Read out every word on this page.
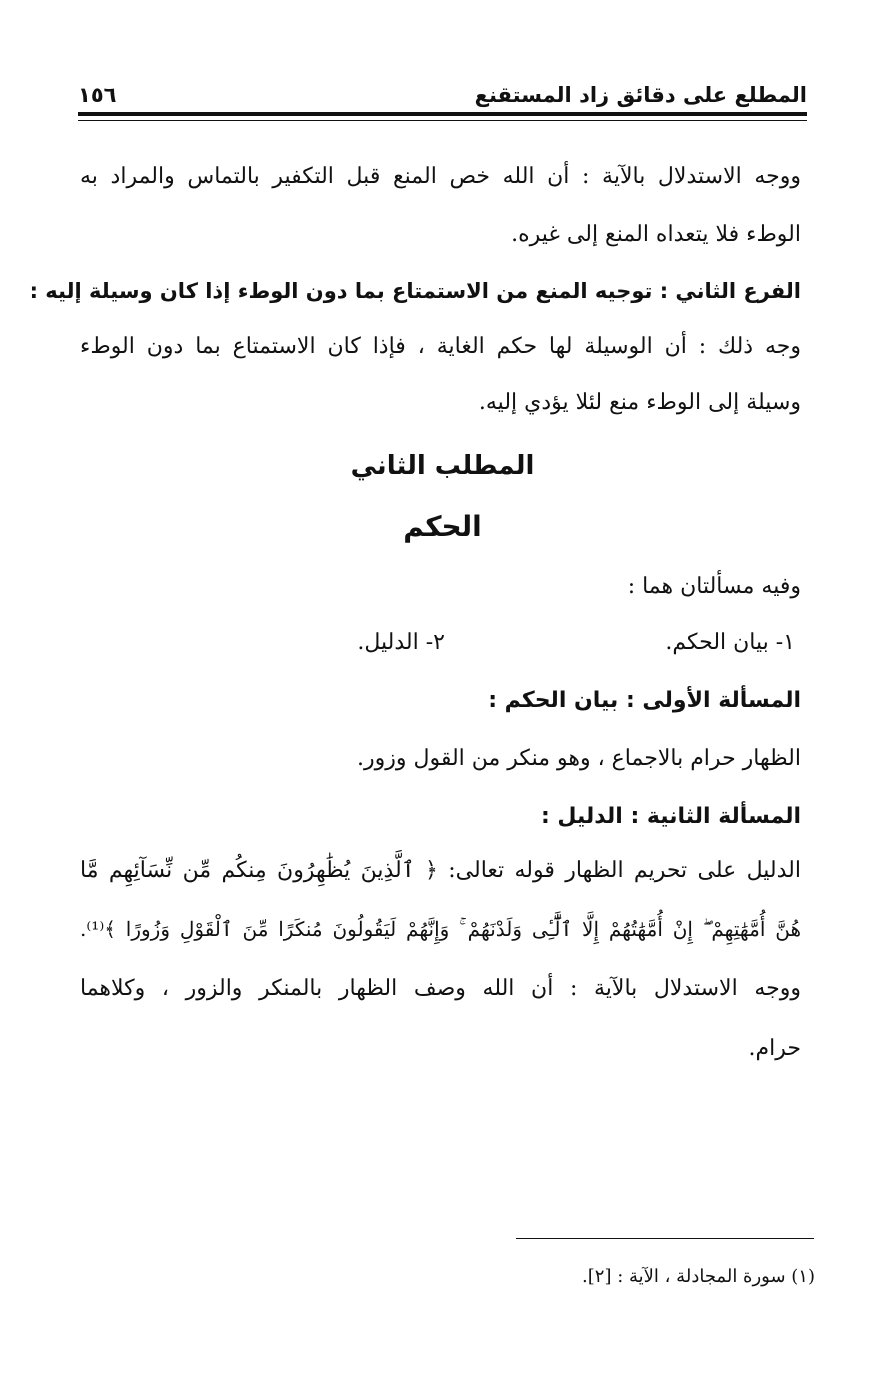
المطلع على دقائق زاد المستقنع
١٥٦
ووجه الاستدلال بالآية : أن الله خص المنع قبل التكفير بالتماس والمراد به
الوطء فلا يتعداه المنع إلى غيره.
الفرع الثاني : توجيه المنع من الاستمتاع بما دون الوطء إذا كان وسيلة إليه :
وجه ذلك : أن الوسيلة لها حكم الغاية ، فإذا كان الاستمتاع بما دون الوطء
وسيلة إلى الوطء منع لئلا يؤدي إليه.
المطلب الثاني
الحكم
وفيه مسألتان هما :
١- بيان الحكم.
٢- الدليل.
المسألة الأولى : بيان الحكم :
الظهار حرام بالاجماع ، وهو منكر من القول وزور.
المسألة الثانية : الدليل :
الدليل على تحريم الظهار قوله تعالى: ﴿ ٱلَّذِينَ يُظَٰهِرُونَ مِنكُم مِّن نِّسَآئِهِم مَّا
هُنَّ أُمَّهَٰتِهِمْ ۖ إِنْ أُمَّهَٰتُهُمْ إِلَّا ٱلَّٰٓـِٔى وَلَدْنَهُمْ ۚ وَإِنَّهُمْ لَيَقُولُونَ مُنكَرًا مِّنَ ٱلْقَوْلِ وَزُورًا ﴾⁽¹⁾.
ووجه الاستدلال بالآية : أن الله وصف الظهار بالمنكر والزور ، وكلاهما
حرام.
(١) سورة المجادلة ، الآية : [٢].
